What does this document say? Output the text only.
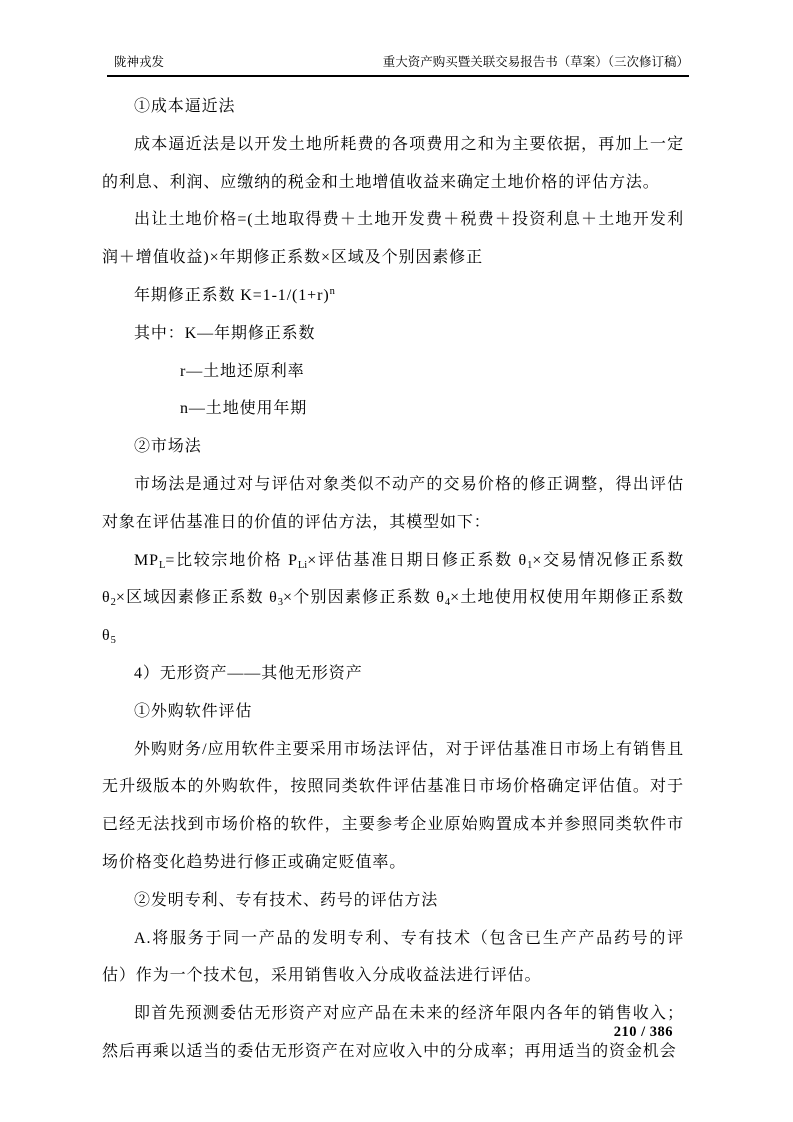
陇神戎发	重大资产购买暨关联交易报告书（草案）（三次修订稿）

①成本逼近法

成本逼近法是以开发土地所耗费的各项费用之和为主要依据，再加上一定的利息、利润、应缴纳的税金和土地增值收益来确定土地价格的评估方法。

出让土地价格=(土地取得费＋土地开发费＋税费＋投资利息＋土地开发利润＋增值收益)×年期修正系数×区域及个别因素修正

年期修正系数 $K=1-1/(1+r)^n$

其中：K—年期修正系数

r—土地还原利率

n—土地使用年期

②市场法

市场法是通过对与评估对象类似不动产的交易价格的修正调整，得出评估对象在评估基准日的价值的评估方法，其模型如下：

$MP_L=$比较宗地价格 $P_{Li}\times$评估基准日期日修正系数 $\theta_1\times$交易情况修正系数 $\theta_2\times$区域因素修正系数 $\theta_3\times$个别因素修正系数 $\theta_4\times$土地使用权使用年期修正系数 $\theta_5$

4）无形资产——其他无形资产

①外购软件评估

外购财务/应用软件主要采用市场法评估，对于评估基准日市场上有销售且无升级版本的外购软件，按照同类软件评估基准日市场价格确定评估值。对于已经无法找到市场价格的软件，主要参考企业原始购置成本并参照同类软件市场价格变化趋势进行修正或确定贬值率。

②发明专利、专有技术、药号的评估方法

A.将服务于同一产品的发明专利、专有技术（包含已生产产品药号的评估）作为一个技术包，采用销售收入分成收益法进行评估。

即首先预测委估无形资产对应产品在未来的经济年限内各年的销售收入；然后再乘以适当的委估无形资产在对应收入中的分成率；再用适当的资金机会

210 / 386
